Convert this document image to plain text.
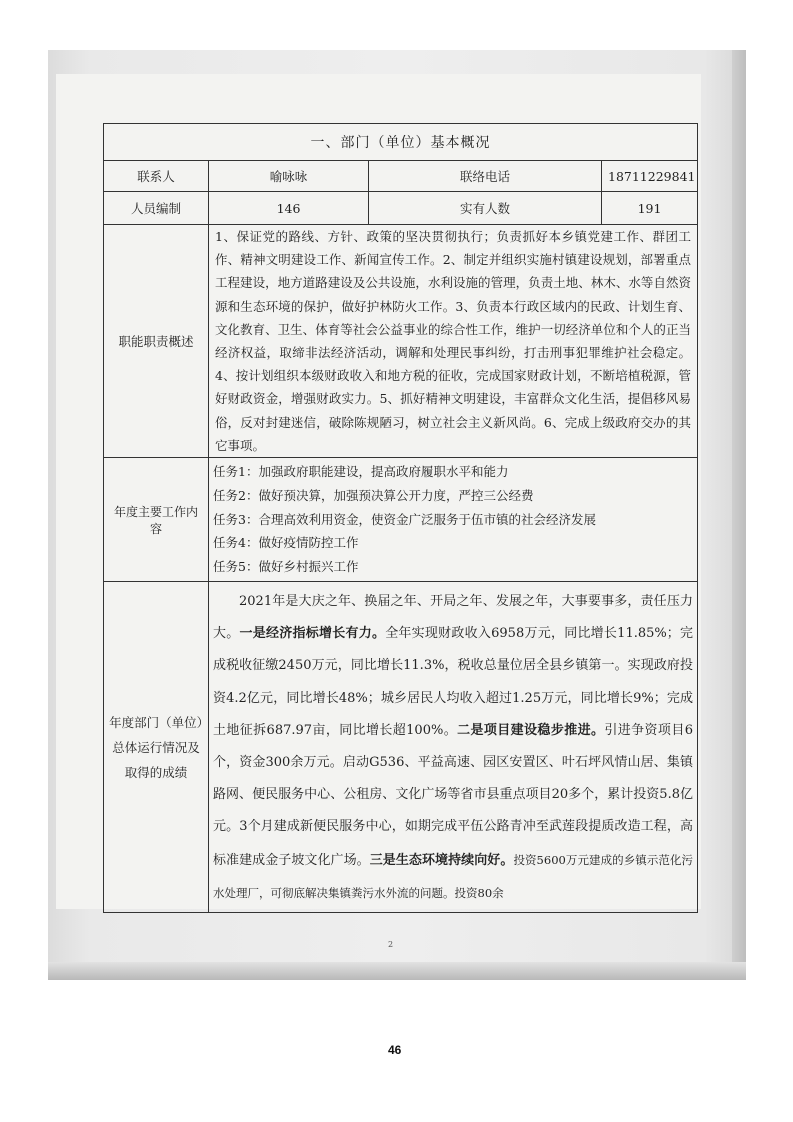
一、部门（单位）基本概况			
联系人	喻咏咏	联络电话	18711229841
人员编制	146	实有人数	191
职能职责概述	1、保证党的路线、方针、政策的坚决贯彻执行；负责抓好本乡镇党建工作、群团工作、精神文明建设工作、新闻宣传工作。2、制定并组织实施村镇建设规划，部署重点工程建设，地方道路建设及公共设施，水利设施的管理，负责土地、林木、水等自然资源和生态环境的保护，做好护林防火工作。3、负责本行政区域内的民政、计划生育、文化教育、卫生、体育等社会公益事业的综合性工作，维护一切经济单位和个人的正当经济权益，取缔非法经济活动，调解和处理民事纠纷，打击刑事犯罪维护社会稳定。4、按计划组织本级财政收入和地方税的征收，完成国家财政计划，不断培植税源，管好财政资金，增强财政实力。5、抓好精神文明建设，丰富群众文化生活，提倡移风易俗，反对封建迷信，破除陈规陋习，树立社会主义新风尚。6、完成上级政府交办的其它事项。		
年度主要工作内容	任务1：加强政府职能建设，提高政府履职水平和能力
任务2：做好预决算，加强预决算公开力度，严控三公经费
任务3：合理高效利用资金，使资金广泛服务于伍市镇的社会经济发展
任务4：做好疫情防控工作
任务5：做好乡村振兴工作		

年度部门（单位）总体运行情况及取得的成绩	2021年是大庆之年、换届之年、开局之年、发展之年，大事要事多，责任压力大。一是经济指标增长有力。全年实现财政收入6958万元，同比增长11.85%；完成税收征缴2450万元，同比增长11.3%，税收总量位居全县乡镇第一。实现政府投资4.2亿元，同比增长48%；城乡居民人均收入超过1.25万元，同比增长9%；完成土地征拆687.97亩，同比增长超100%。二是项目建设稳步推进。引进争资项目6个，资金300余万元。启动G536、平益高速、园区安置区、叶石坪风情山居、集镇路网、便民服务中心、公租房、文化广场等省市县重点项目20多个，累计投资5.8亿元。3个月建成新便民服务中心，如期完成平伍公路青冲至武莲段提质改造工程，高标准建成金子坡文化广场。三是生态环境持续向好。投资5600万元建成的乡镇示范化污水处理厂，可彻底解决集镇粪污水外流的问题。投资80余		
2
46
